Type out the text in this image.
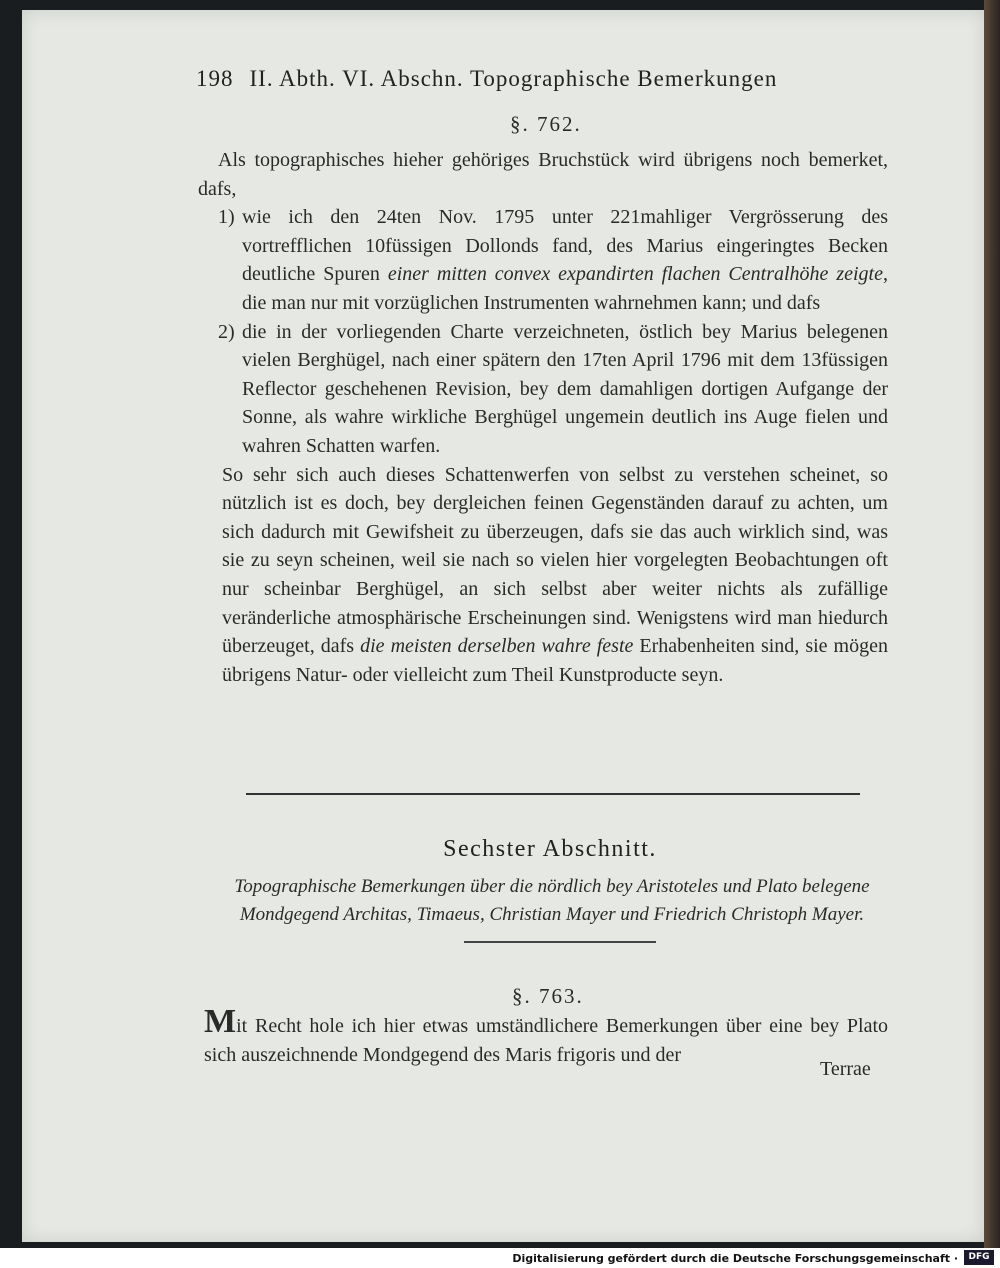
198 II. Abth. VI. Abschn. Topographische Bemerkungen
§. 762.

Als topographisches hieher gehöriges Bruchstück wird übrigens noch bemerket, dafs,

1) wie ich den 24ten Nov. 1795 unter 221mahliger Vergrösserung des vortrefflichen 10füssigen Dollonds fand, des Marius eingeringtes Becken deutliche Spuren einer mitten convex expandirten flachen Centralhöhe zeigte, die man nur mit vorzüglichen Instrumenten wahrnehmen kann; und dafs

2) die in der vorliegenden Charte verzeichneten, östlich bey Marius belegenen vielen Berghügel, nach einer spätern den 17ten April 1796 mit dem 13füssigen Reflector geschehenen Revision, bey dem damahligen dortigen Aufgange der Sonne, als wahre wirkliche Berghügel ungemein deutlich ins Auge fielen und wahren Schatten warfen.

So sehr sich auch dieses Schattenwerfen von selbst zu verstehen scheinet, so nützlich ist es doch, bey dergleichen feinen Gegenständen darauf zu achten, um sich dadurch mit Gewifsheit zu überzeugen, dafs sie das auch wirklich sind, was sie zu seyn scheinen, weil sie nach so vielen hier vorgelegten Beobachtungen oft nur scheinbar Berghügel, an sich selbst aber weiter nichts als zufällige veränderliche atmosphärische Erscheinungen sind. Wenigstens wird man hiedurch überzeuget, dafs die meisten derselben wahre feste Erhabenheiten sind, sie mögen übrigens Natur- oder vielleicht zum Theil Kunstproducte seyn.

Sechster Abschnitt.
Topographische Bemerkungen über die nördlich bey Aristoteles und Plato belegene Mondgegend Architas, Timaeus, Christian Mayer und Friedrich Christoph Mayer.
§. 763.

Mit Recht hole ich hier etwas umständlichere Bemerkungen über eine bey Plato sich auszeichnende Mondgegend des Maris frigoris und der

Terrae
Digitalisierung gefördert durch die Deutsche Forschungsgemeinschaft ·	DFG
